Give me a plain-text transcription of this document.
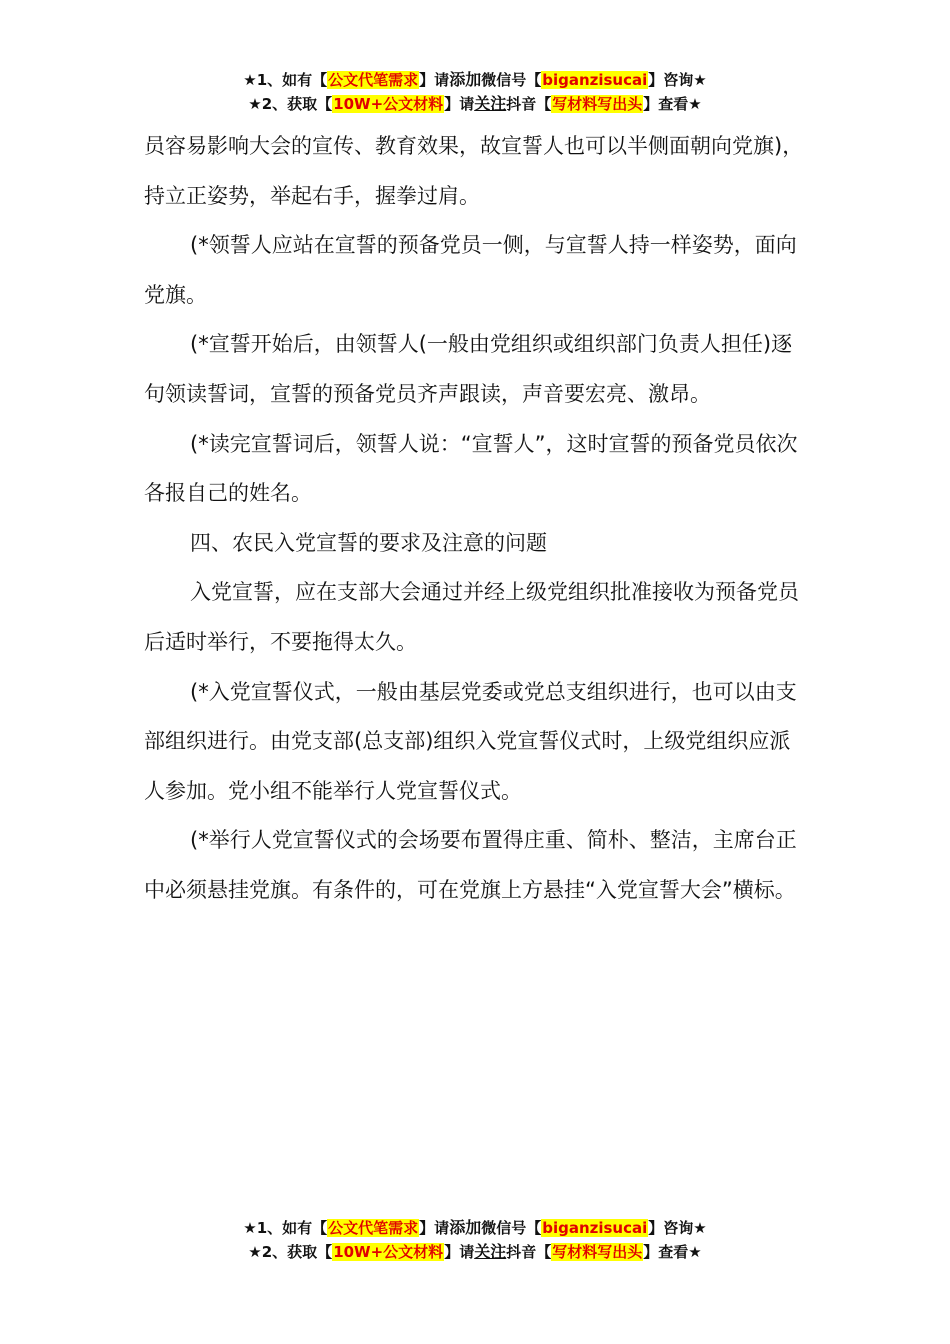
★1、如有【公文代笔需求】请添加微信号【biganzisucai】咨询★
★2、获取【10W+公文材料】请关注抖音【写材料写出头】查看★

员容易影响大会的宣传、教育效果，故宣誓人也可以半侧面朝向党旗)，持立正姿势，举起右手，握拳过肩。

(*领誓人应站在宣誓的预备党员一侧，与宣誓人持一样姿势，面向党旗。

(*宣誓开始后，由领誓人(一般由党组织或组织部门负责人担任)逐句领读誓词，宣誓的预备党员齐声跟读，声音要宏亮、激昂。

(*读完宣誓词后，领誓人说：“宣誓人”，这时宣誓的预备党员依次各报自己的姓名。

四、农民入党宣誓的要求及注意的问题

入党宣誓，应在支部大会通过并经上级党组织批准接收为预备党员后适时举行，不要拖得太久。

(*入党宣誓仪式，一般由基层党委或党总支组织进行，也可以由支部组织进行。由党支部(总支部)组织入党宣誓仪式时，上级党组织应派人参加。党小组不能举行人党宣誓仪式。

(*举行人党宣誓仪式的会场要布置得庄重、简朴、整洁，主席台正中必须悬挂党旗。有条件的，可在党旗上方悬挂“入党宣誓大会”横标。

★1、如有【公文代笔需求】请添加微信号【biganzisucai】咨询★
★2、获取【10W+公文材料】请关注抖音【写材料写出头】查看★
